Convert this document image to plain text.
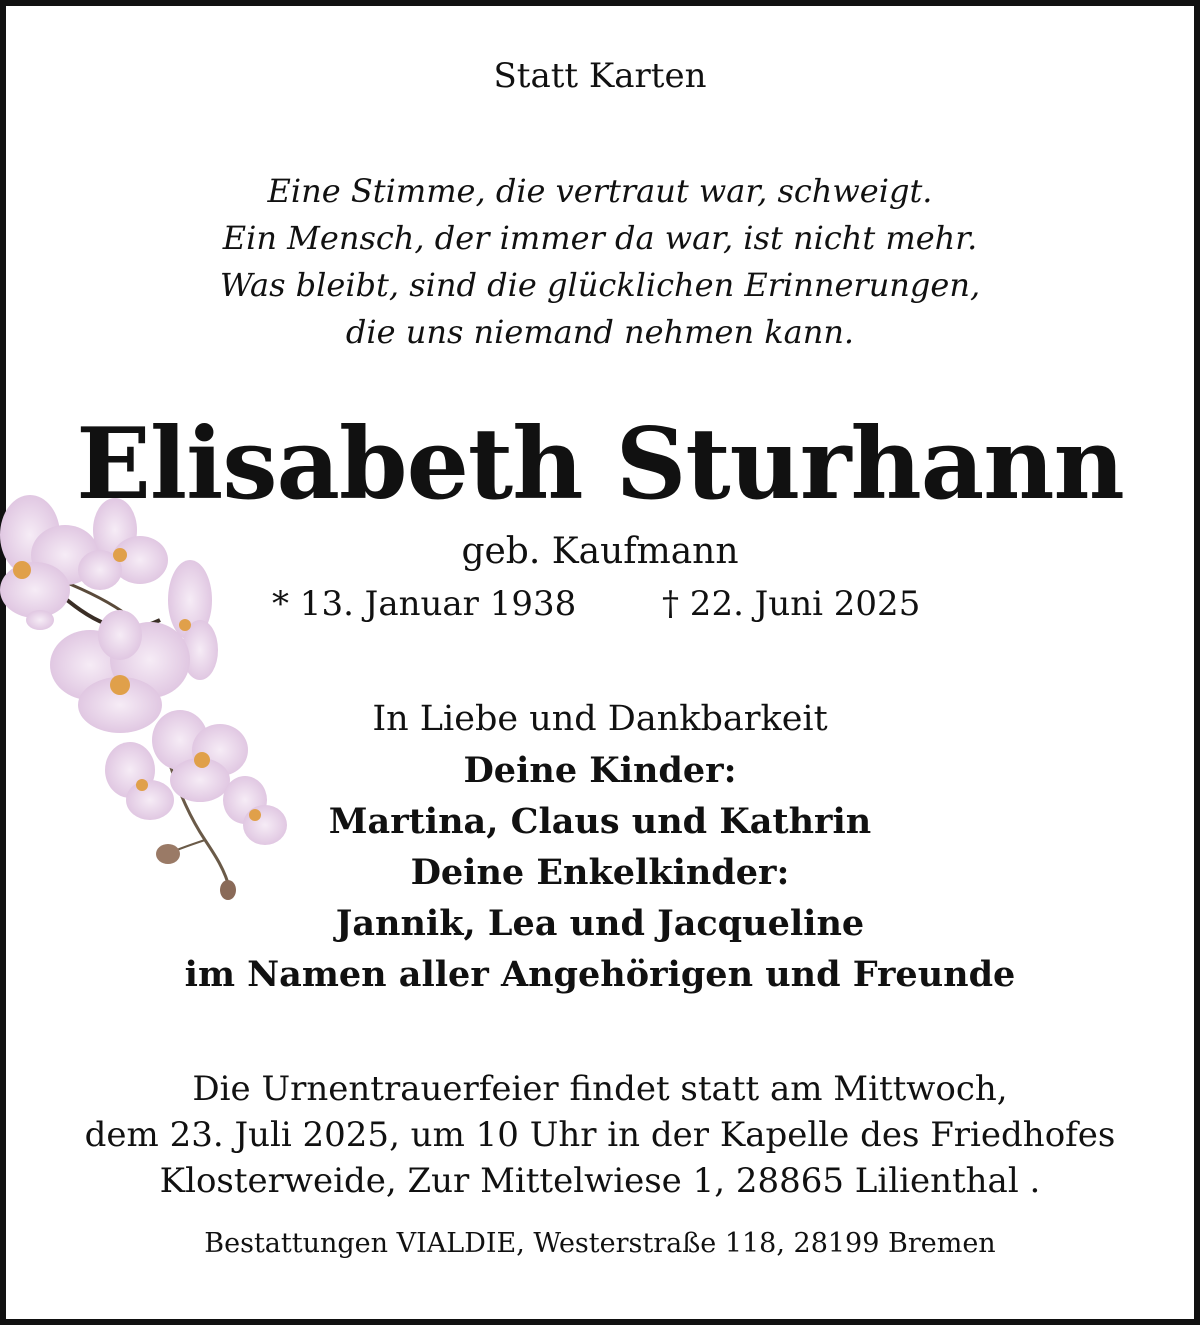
Statt Karten
Eine Stimme, die vertraut war, schweigt.
Ein Mensch, der immer da war, ist nicht mehr.
Was bleibt, sind die glücklichen Erinnerungen,
die uns niemand nehmen kann.
Elisabeth Sturhann
geb. Kaufmann
* 13. Januar 1938	† 22. Juni 2025
In Liebe und Dankbarkeit
Deine Kinder:
Martina, Claus und Kathrin
Deine Enkelkinder:
Jannik, Lea und Jacqueline
im Namen aller Angehörigen und Freunde
Die Urnentrauerfeier findet statt am Mittwoch,
dem 23. Juli 2025, um 10 Uhr in der Kapelle des Friedhofes
Klosterweide, Zur Mittelwiese 1, 28865 Lilienthal .
Bestattungen VIALDIE, Westerstraße 118, 28199 Bremen
